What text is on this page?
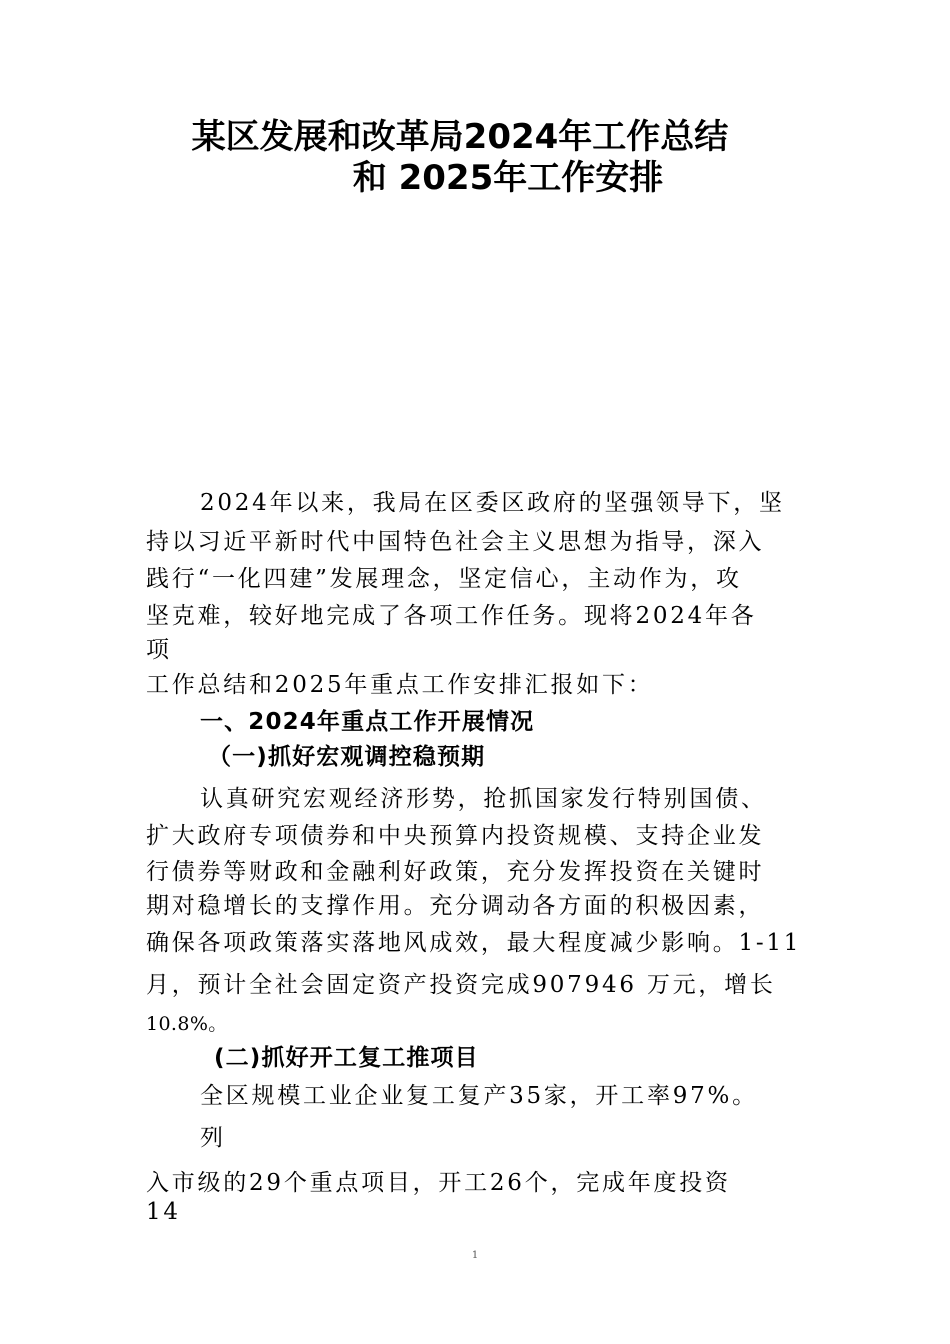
某区发展和改革局2024年工作总结
和 2025年工作安排
2024年以来，我局在区委区政府的坚强领导下，坚
持以习近平新时代中国特色社会主义思想为指导，深入
践行“一化四建”发展理念，坚定信心，主动作为，攻
坚克难，较好地完成了各项工作任务。现将2024年各
项
工作总结和2025年重点工作安排汇报如下：
一、2024年重点工作开展情况
（一)抓好宏观调控稳预期
认真研究宏观经济形势，抢抓国家发行特别国债、
扩大政府专项债券和中央预算内投资规模、支持企业发
行债券等财政和金融利好政策，充分发挥投资在关键时
期对稳增长的支撑作用。充分调动各方面的积极因素，
确保各项政策落实落地风成效，最大程度减少影响。1-11
月，预计全社会固定资产投资完成907946 万元，增长
10.8%。
(二)抓好开工复工推项目
全区规模工业企业复工复产35家，开工率97%。
列
入市级的29个重点项目，开工26个，完成年度投资
14
1
